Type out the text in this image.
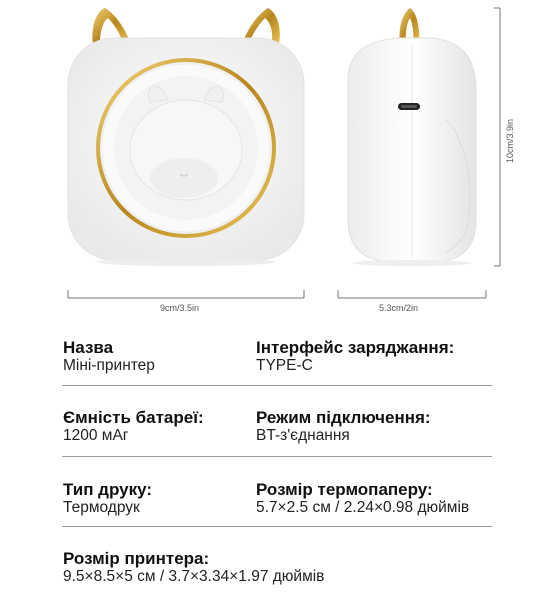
9cm/3.5in	5.3cm/2in
10cm/3.9in
Назва
Міні-принтер
Інтерфейс заряджання:
TYPE-C
Ємність батареї:
1200 мАг
Режим підключення:
BT-з'єднання
Тип друку:
Термодрук
Розмір термопаперу:
5.7×2.5 см / 2.24×0.98 дюймів
Розмір принтера:
9.5×8.5×5 см / 3.7×3.34×1.97 дюймів
